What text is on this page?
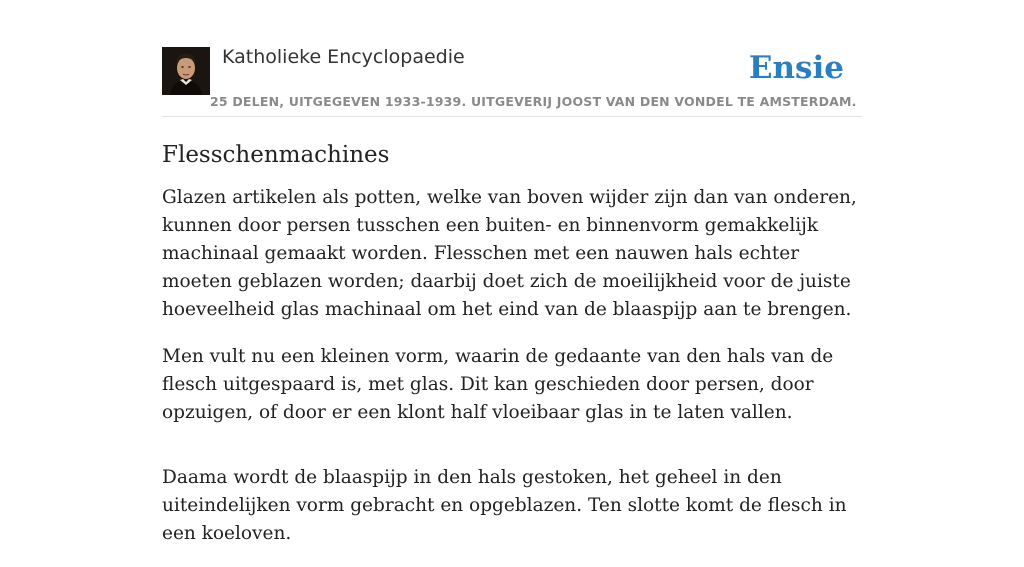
Katholieke Encyclopaedie	Ensie
25 DELEN, UITGEGEVEN 1933-1939. UITGEVERIJ JOOST VAN DEN VONDEL TE AMSTERDAM.
Flesschenmachines

Glazen artikelen als potten, welke van boven wijder zijn dan van onderen, kunnen door persen tusschen een buiten- en binnenvorm gemakkelijk machinaal gemaakt worden. Flesschen met een nauwen hals echter moeten geblazen worden; daarbij doet zich de moeilijkheid voor de juiste hoeveelheid glas machinaal om het eind van de blaaspijp aan te brengen.

Men vult nu een kleinen vorm, waarin de gedaante van den hals van de flesch uitgespaard is, met glas. Dit kan geschieden door persen, door opzuigen, of door er een klont half vloeibaar glas in te laten vallen.

Daama wordt de blaaspijp in den hals gestoken, het geheel in den uiteindelijken vorm gebracht en opgeblazen. Ten slotte komt de flesch in een koeloven.
